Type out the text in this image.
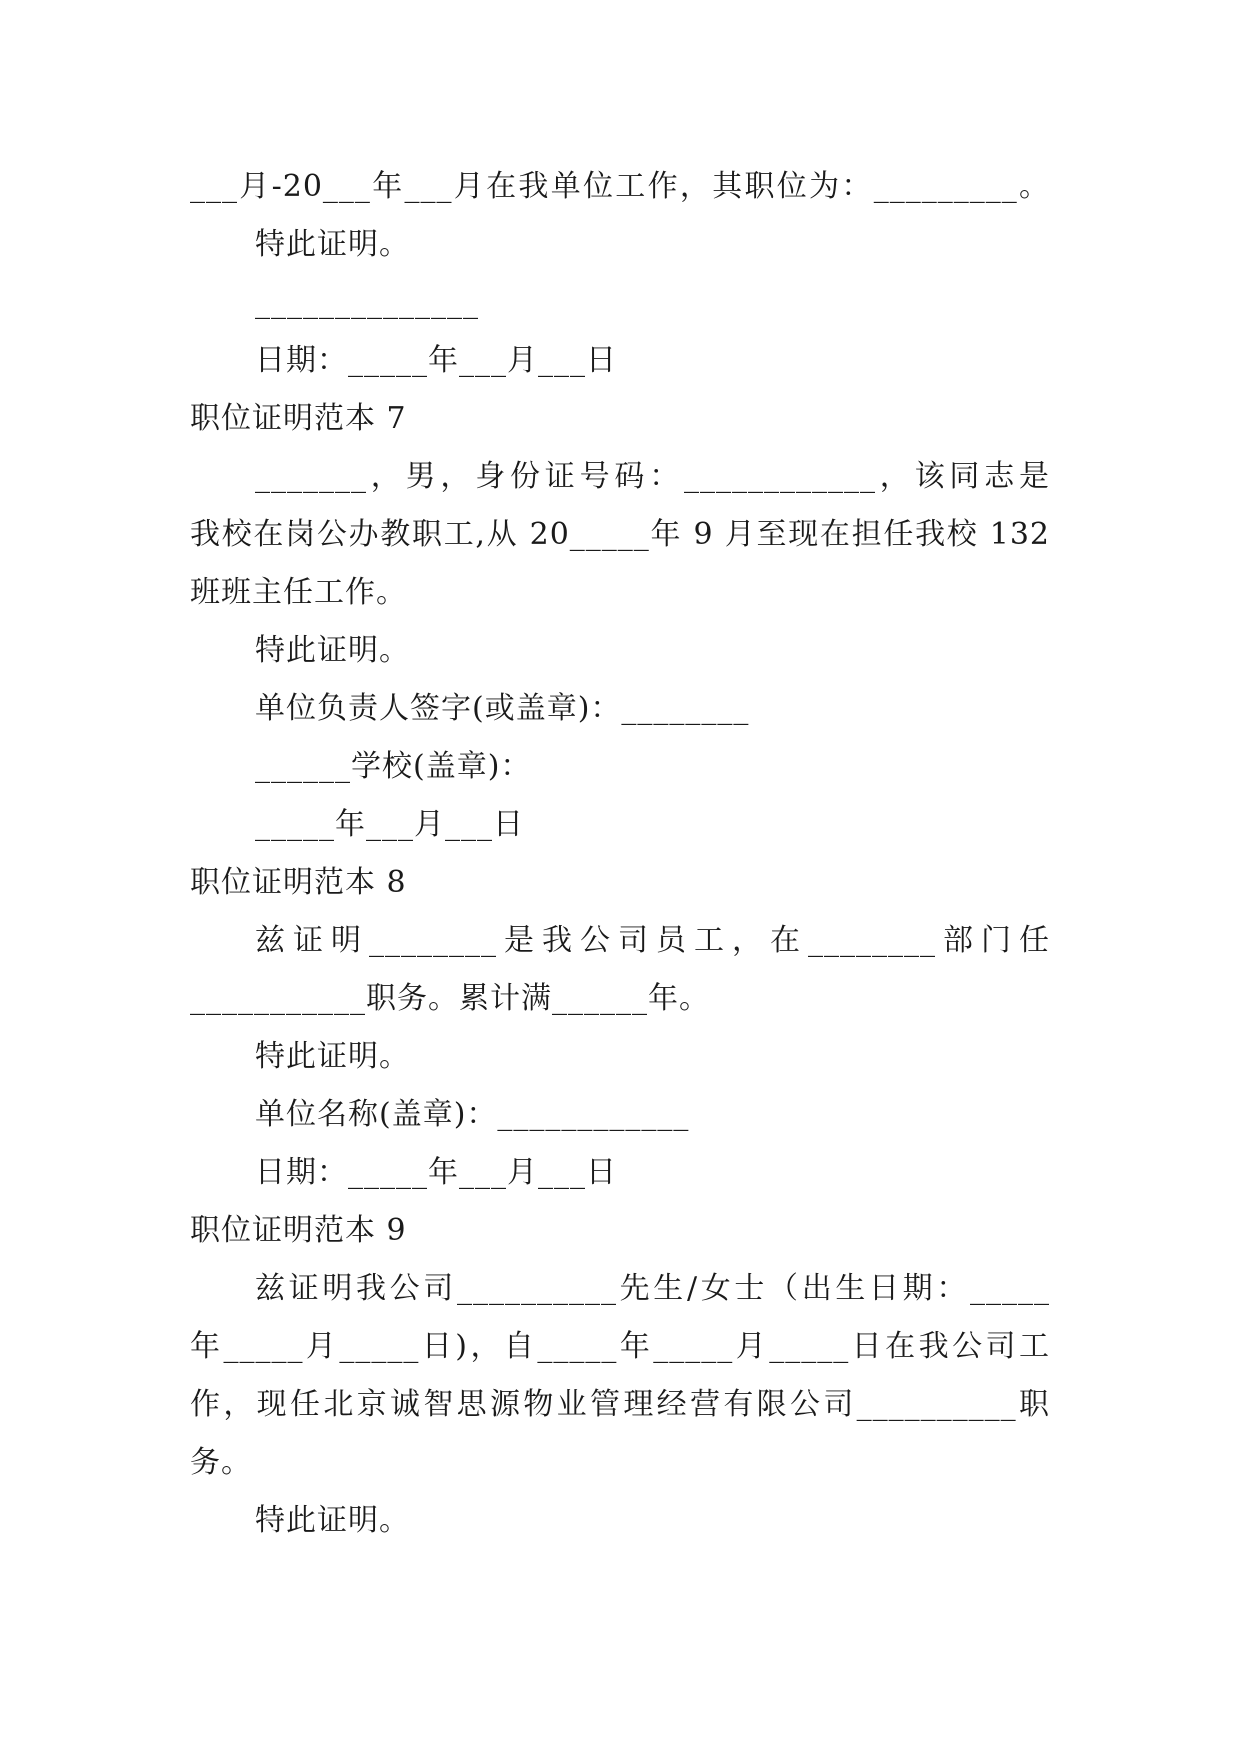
___月-20___年___月在我单位工作，其职位为：_________。
特此证明。
______________
日期：_____年___月___日
职位证明范本 7
_______，男，身份证号码：____________，该同志是
我校在岗公办教职工,从 20_____年 9 月至现在担任我校 132
班班主任工作。
特此证明。
单位负责人签字(或盖章)：________
______学校(盖章)：
_____年___月___日
职位证明范本 8
兹证明________是我公司员工，在________部门任
___________职务。累计满______年。
特此证明。
单位名称(盖章)：____________
日期：_____年___月___日
职位证明范本 9
兹证明我公司__________先生/女士（出生日期：_____
年_____月_____日)，自_____年_____月_____日在我公司工
作，现任北京诚智思源物业管理经营有限公司__________职
务。
特此证明。
